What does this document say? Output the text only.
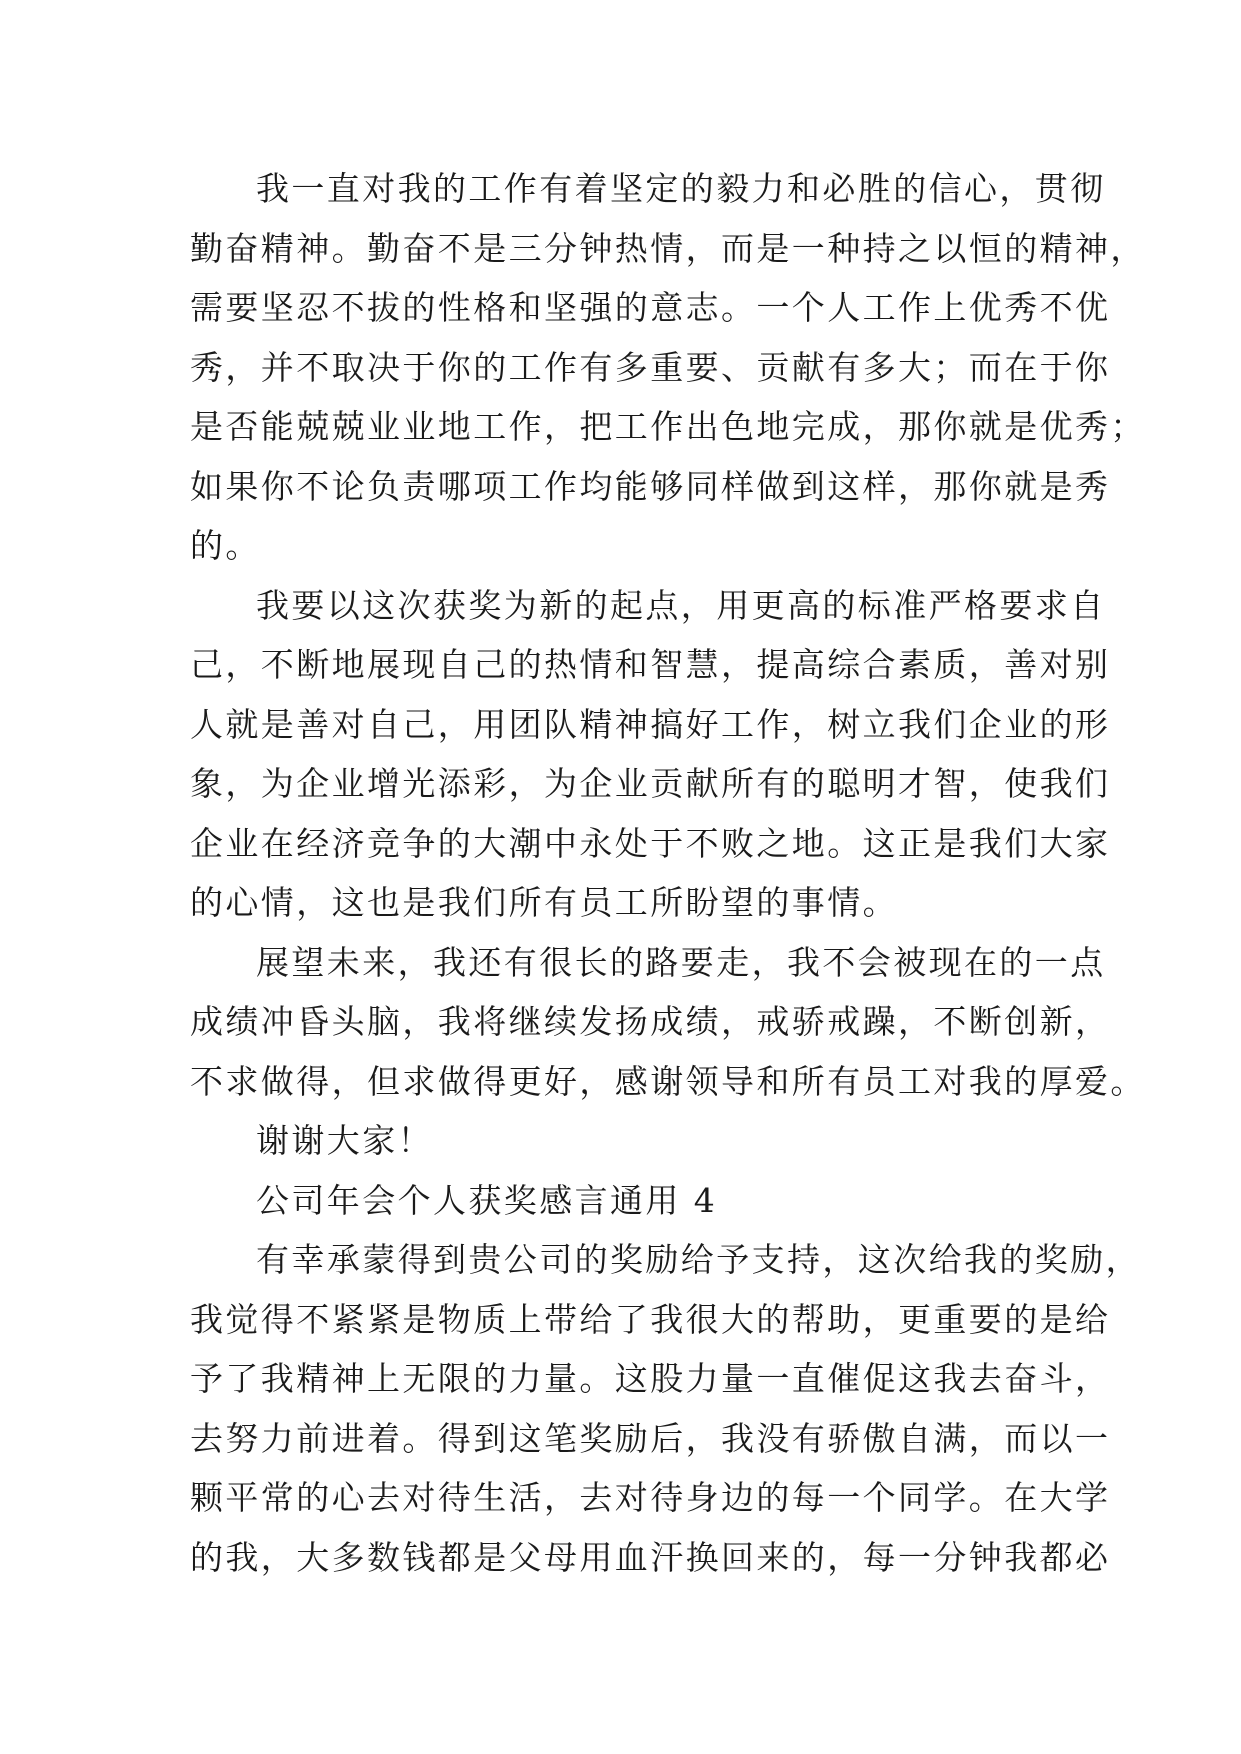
我一直对我的工作有着坚定的毅力和必胜的信心，贯彻
勤奋精神。勤奋不是三分钟热情，而是一种持之以恒的精神，
需要坚忍不拔的性格和坚强的意志。一个人工作上优秀不优
秀，并不取决于你的工作有多重要、贡献有多大；而在于你
是否能兢兢业业地工作，把工作出色地完成，那你就是优秀；
如果你不论负责哪项工作均能够同样做到这样，那你就是秀
的。
我要以这次获奖为新的起点，用更高的标准严格要求自
己，不断地展现自己的热情和智慧，提高综合素质，善对别
人就是善对自己，用团队精神搞好工作，树立我们企业的形
象，为企业增光添彩，为企业贡献所有的聪明才智，使我们
企业在经济竞争的大潮中永处于不败之地。这正是我们大家
的心情，这也是我们所有员工所盼望的事情。
展望未来，我还有很长的路要走，我不会被现在的一点
成绩冲昏头脑，我将继续发扬成绩，戒骄戒躁，不断创新，
不求做得，但求做得更好，感谢领导和所有员工对我的厚爱。
谢谢大家！
公司年会个人获奖感言通用 4
有幸承蒙得到贵公司的奖励给予支持，这次给我的奖励，
我觉得不紧紧是物质上带给了我很大的帮助，更重要的是给
予了我精神上无限的力量。这股力量一直催促这我去奋斗，
去努力前进着。得到这笔奖励后，我没有骄傲自满，而以一
颗平常的心去对待生活，去对待身边的每一个同学。在大学
的我，大多数钱都是父母用血汗换回来的，每一分钟我都必
